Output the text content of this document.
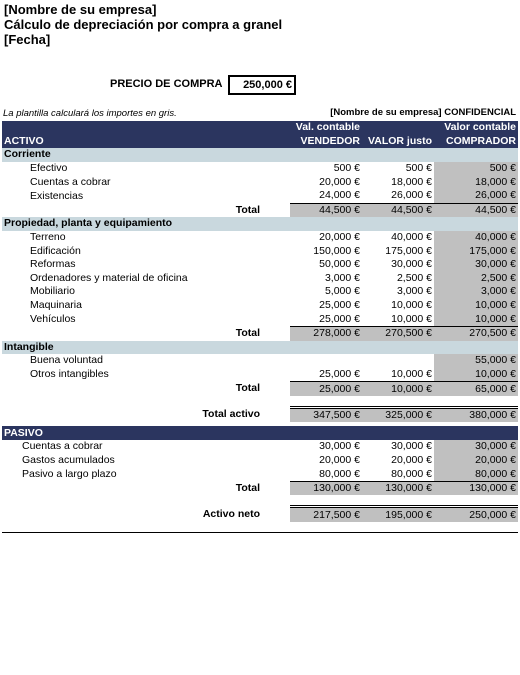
[Nombre de su empresa]
Cálculo de depreciación por compra a granel
[Fecha]
PRECIO DE COMPRA	250,000 €
La plantilla calculará los importes en gris.	[Nombre de su empresa] CONFIDENCIAL
	Val. contable		Valor contable
ACTIVO	VENDEDOR	VALOR justo	COMPRADOR
Corriente			
Efectivo	500 €	500 €	500 €
Cuentas a cobrar	20,000 €	18,000 €	18,000 €
Existencias	24,000 €	26,000 €	26,000 €
Total	44,500 €	44,500 €	44,500 €
Propiedad, planta y equipamiento			
Terreno	20,000 €	40,000 €	40,000 €
Edificación	150,000 €	175,000 €	175,000 €
Reformas	50,000 €	30,000 €	30,000 €
Ordenadores y material de oficina	3,000 €	2,500 €	2,500 €
Mobiliario	5,000 €	3,000 €	3,000 €
Maquinaria	25,000 €	10,000 €	10,000 €
Vehículos	25,000 €	10,000 €	10,000 €
Total	278,000 €	270,500 €	270,500 €
Intangible			
Buena voluntad			55,000 €
Otros intangibles	25,000 €	10,000 €	10,000 €
Total	25,000 €	10,000 €	65,000 €

Total activo	347,500 €	325,000 €	380,000 €

PASIVO			
Cuentas a cobrar	30,000 €	30,000 €	30,000 €
Gastos acumulados	20,000 €	20,000 €	20,000 €
Pasivo a largo plazo	80,000 €	80,000 €	80,000 €
Total	130,000 €	130,000 €	130,000 €

Activo neto	217,500 €	195,000 €	250,000 €
